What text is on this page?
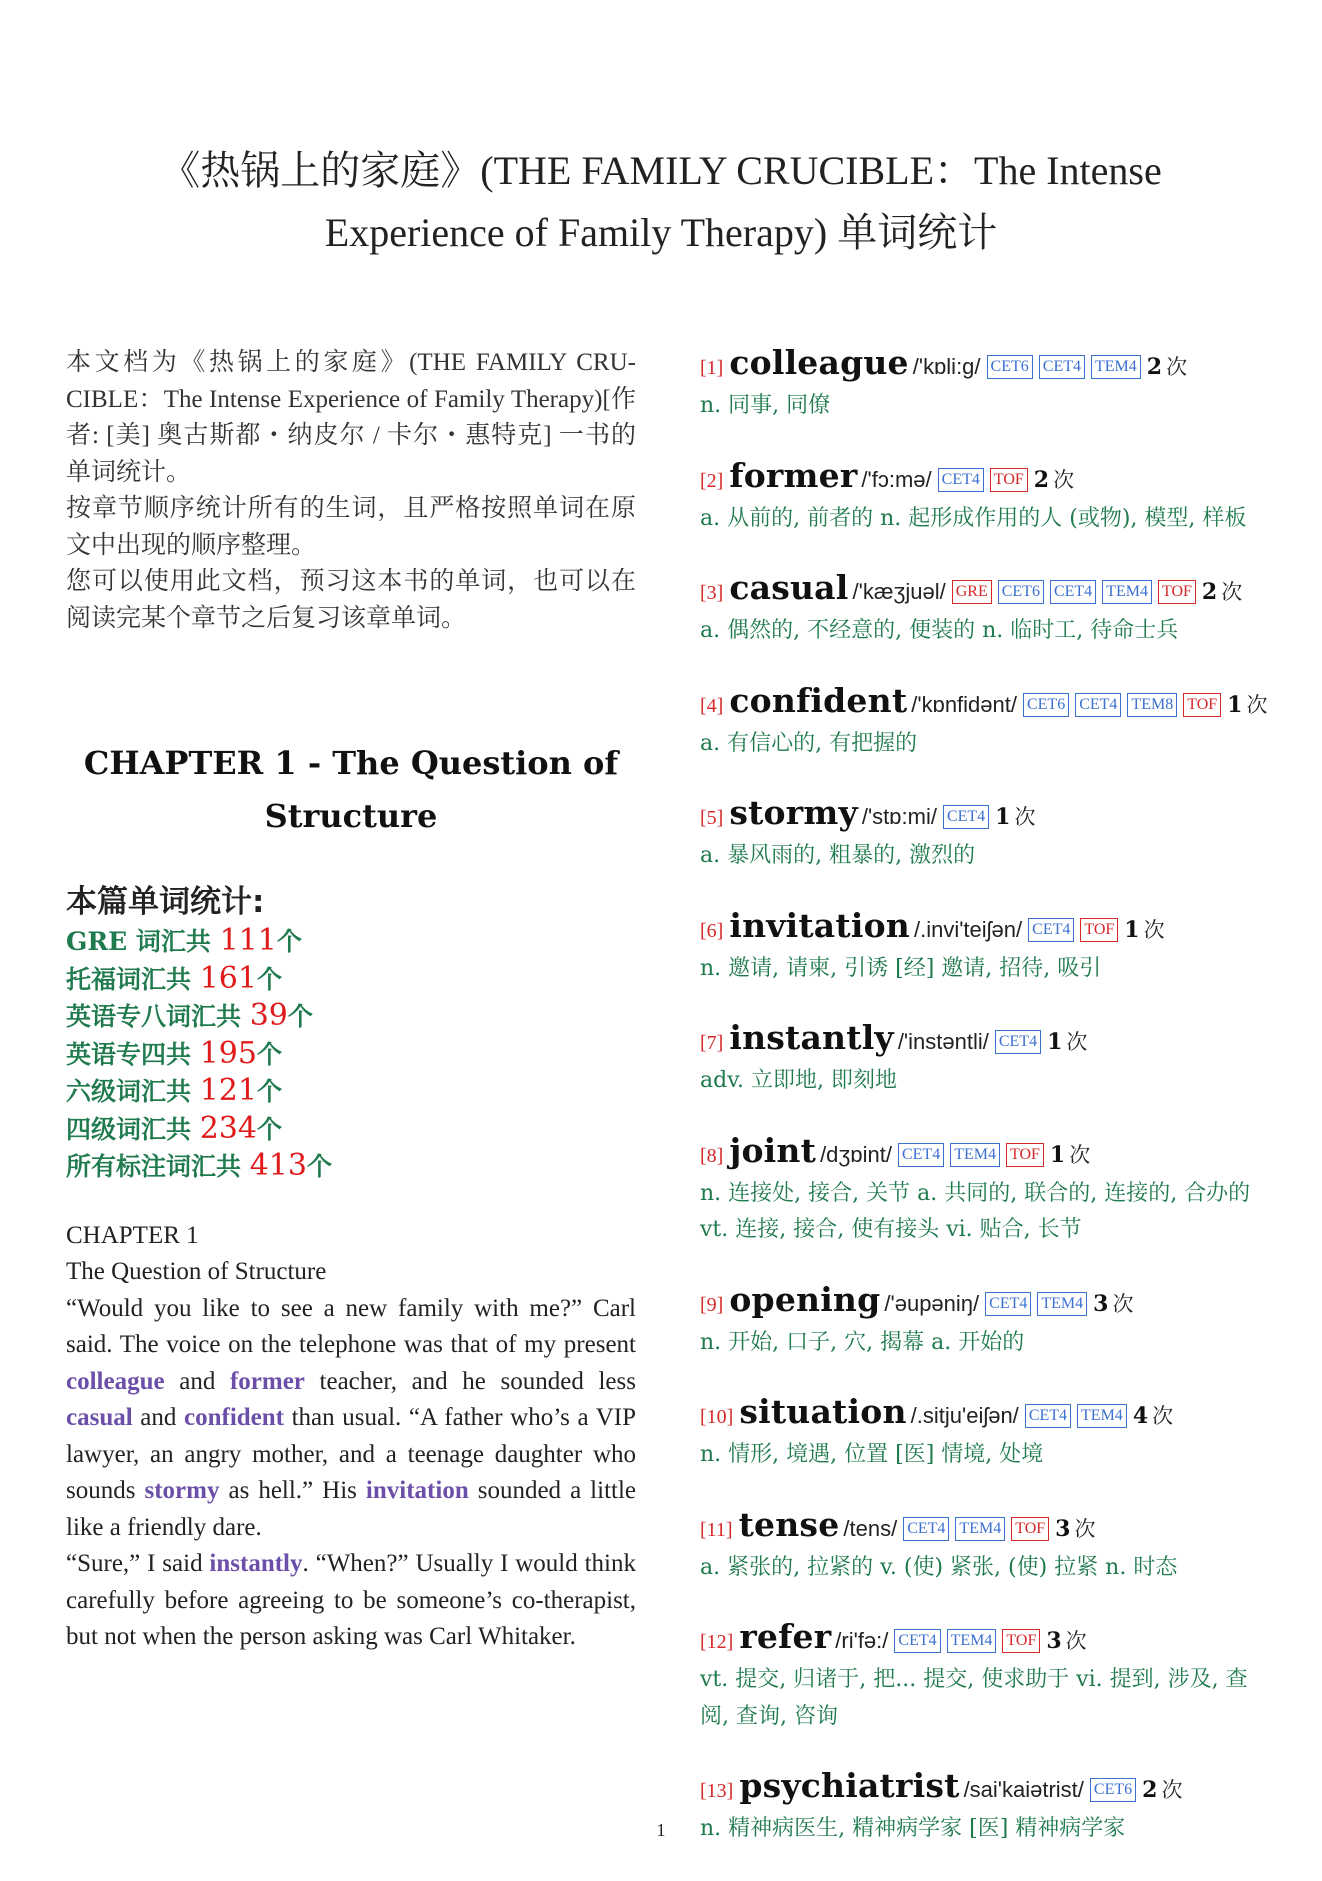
《热锅上的家庭》(THE FAMILY CRUCIBLE：The Intense
Experience of Family Therapy) 单词统计

本文档为《热锅上的家庭》(THE FAMILY CRUCIBLE：The Intense Experience of Family Therapy)[作者: [美] 奥古斯都・纳皮尔 / 卡尔・惠特克] 一书的单词统计。

按章节顺序统计所有的生词，且严格按照单词在原文中出现的顺序整理。

您可以使用此文档，预习这本书的单词，也可以在阅读完某个章节之后复习该章单词。

CHAPTER 1 - The Question of
Structure
本篇单词统计:
GRE 词汇共 111个
托福词汇共 161个
英语专八词汇共 39个
英语专四共 195个
六级词汇共 121个
四级词汇共 234个
所有标注词汇共 413个

CHAPTER 1

The Question of Structure

“Would you like to see a new family with me?” Carl said. The voice on the telephone was that of my present colleague and former teacher, and he sounded less casual and confident than usual. “A father who’s a VIP lawyer, an angry mother, and a teenage daughter who sounds stormy as hell.” His invitation sounded a little like a friendly dare.

“Sure,” I said instantly. “When?” Usually I would think carefully before agreeing to be someone’s co-therapist, but not when the person asking was Carl Whitaker.

[1] colleague /'kɒli:g/ CET6 CET4 TEM4 2 次
n. 同事, 同僚
[2] former /'fɔ:mə/ CET4 TOF 2 次
a. 从前的, 前者的 n. 起形成作用的人 (或物), 模型, 样板
[3] casual /'kæʒjuəl/ GRE CET6 CET4 TEM4 TOF 2 次
a. 偶然的, 不经意的, 便装的 n. 临时工, 待命士兵
[4] confident /'kɒnfidənt/ CET6 CET4 TEM8 TOF 1 次
a. 有信心的, 有把握的
[5] stormy /'stɒ:mi/ CET4 1 次
a. 暴风雨的, 粗暴的, 激烈的
[6] invitation /.invi'teiʃən/ CET4 TOF 1 次
n. 邀请, 请柬, 引诱 [经] 邀请, 招待, 吸引
[7] instantly /'instəntli/ CET4 1 次
adv. 立即地, 即刻地
[8] joint /dʒɒint/ CET4 TEM4 TOF 1 次
n. 连接处, 接合, 关节 a. 共同的, 联合的, 连接的, 合办的 vt. 连接, 接合, 使有接头 vi. 贴合, 长节
[9] opening /'əupəniŋ/ CET4 TEM4 3 次
n. 开始, 口子, 穴, 揭幕 a. 开始的
[10] situation /.sitju'eiʃən/ CET4 TEM4 4 次
n. 情形, 境遇, 位置 [医] 情境, 处境
[11] tense /tens/ CET4 TEM4 TOF 3 次
a. 紧张的, 拉紧的 v. (使) 紧张, (使) 拉紧 n. 时态
[12] refer /ri'fə:/ CET4 TEM4 TOF 3 次
vt. 提交, 归诸于, 把... 提交, 使求助于 vi. 提到, 涉及, 查阅, 查询, 咨询
[13] psychiatrist /sai'kaiətrist/ CET6 2 次
n. 精神病医生, 精神病学家 [医] 精神病学家
1
